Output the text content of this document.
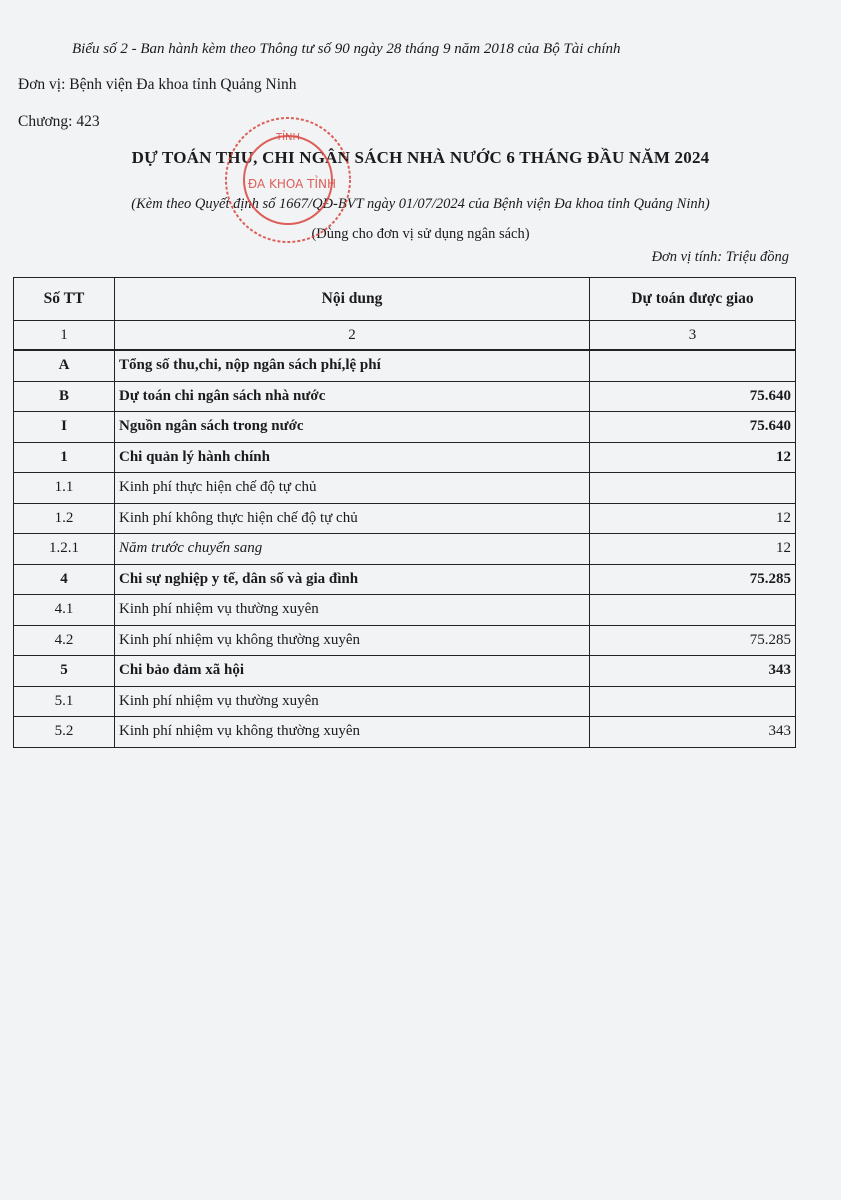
Biểu số 2 - Ban hành kèm theo Thông tư số 90 ngày 28 tháng 9 năm 2018 của Bộ Tài chính
Đơn vị: Bệnh viện Đa khoa tỉnh Quảng Ninh
Chương: 423
DỰ TOÁN THU, CHI NGÂN SÁCH NHÀ NƯỚC 6 THÁNG ĐẦU NĂM 2024
(Kèm theo Quyết định số 1667/QĐ-BVT ngày 01/07/2024 của Bệnh viện Đa khoa tỉnh Quảng Ninh)
(Dùng cho đơn vị sử dụng ngân sách)
Đơn vị tính: Triệu đồng
TỈNH
ĐA KHOA TỈNH
Số TT	Nội dung	Dự toán được giao
1	2	3
A	Tổng số thu,chi, nộp ngân sách phí,lệ phí	
B	Dự toán chi ngân sách nhà nước	75.640
I	Nguồn ngân sách trong nước	75.640
1	Chi quản lý hành chính	12
1.1	Kinh phí thực hiện chế độ tự chủ	
1.2	Kinh phí không thực hiện chế độ tự chủ	12
1.2.1	Năm trước chuyển sang	12
4	Chi sự nghiệp y tế, dân số và gia đình	75.285
4.1	Kinh phí nhiệm vụ thường xuyên	
4.2	Kinh phí nhiệm vụ không thường xuyên	75.285
5	Chi bảo đảm xã hội	343
5.1	Kinh phí nhiệm vụ thường xuyên	
5.2	Kinh phí nhiệm vụ không thường xuyên	343
